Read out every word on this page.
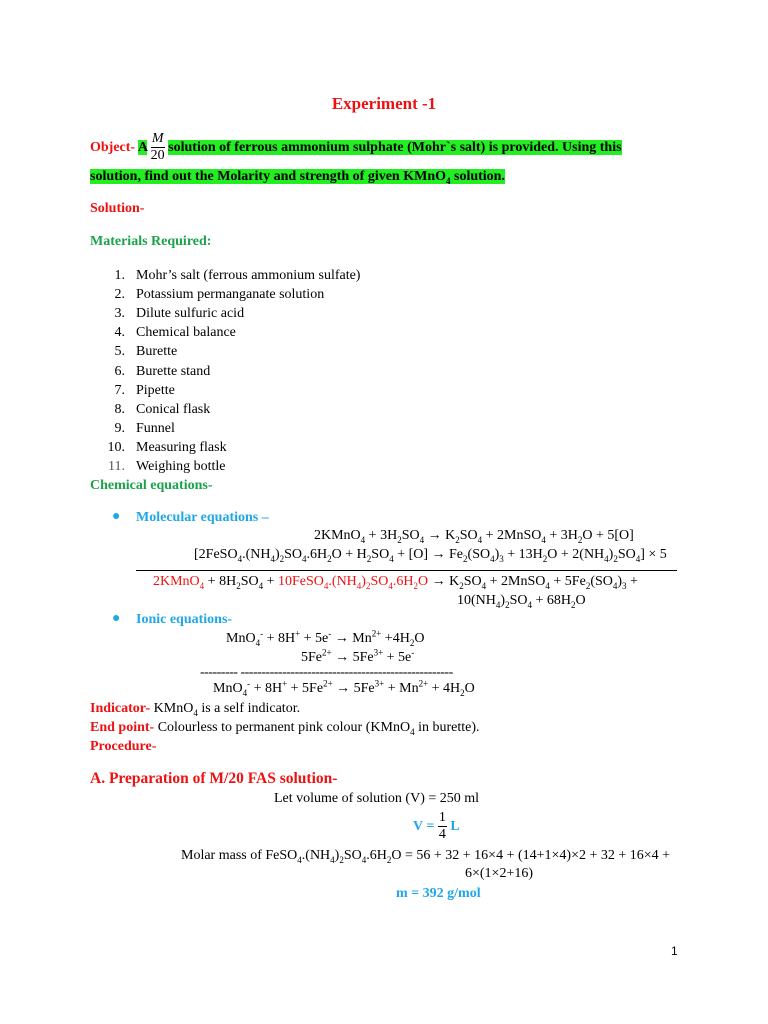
Experiment -1
Object- A $\frac{M}{20}$ solution of ferrous ammonium sulphate (Mohr`s salt) is provided. Using this
solution, find out the Molarity and strength of given KMnO$_4$ solution.
Solution-
Materials Required:
1. Mohr’s salt (ferrous ammonium sulfate)
2. Potassium permanganate solution
3. Dilute sulfuric acid
4. Chemical balance
5. Burette
6. Burette stand
7. Pipette
8. Conical flask
9. Funnel
10. Measuring flask
11. Weighing bottle
Chemical equations-
● Molecular equations –
2KMnO$_4$ + $3H_2SO_4 \to K_2SO_4$ + 2MnSO$_4$ + $3H_2O + 5[O]$
$[2FeSO_4.(NH_4)_2SO_4.6H_2O + H_2SO_4 + [O] \to Fe_2(SO_4)_3 + 13H_2O + 2(NH_4)_2SO_4] \times 5$
2KMnO$_4$ + $8H_2SO_4$ + $10FeSO_4.(NH_4)_2SO_4.6H_2O \to K_2SO_4$ + 2MnSO$_4$ + $5Fe_2(SO_4)_3$ +
$10(NH_4)_2SO_4 + 68H_2O$
● Ionic equations-
$MnO_4^- + 8H^+ + 5e^- \to Mn^{2+} +4H_2O$
$5Fe^{2+} \to 5Fe^{3+} + 5e^-$
--------- ---------------------------------------------------
$MnO_4^- + 8H^+ + 5Fe^{2+} \to 5Fe^{3+} + Mn^{2+} + 4H_2O$
Indicator- KMnO$_4$ is a self indicator.
End point- Colourless to permanent pink colour (KMnO$_4$ in burette).
Procedure-
A. Preparation of M/20 FAS solution-
Let volume of solution (V) = 250 ml
$V = \frac{1}{4}$ L
Molar mass of $FeSO_4.(NH_4)_2SO_4.6H_2O = 56 + 32 + 16\times 4 + (14+1\times 4)\times 2 + 32 + 16\times 4$ +
6×(1×2+16)
m = 392 g/mol
1
